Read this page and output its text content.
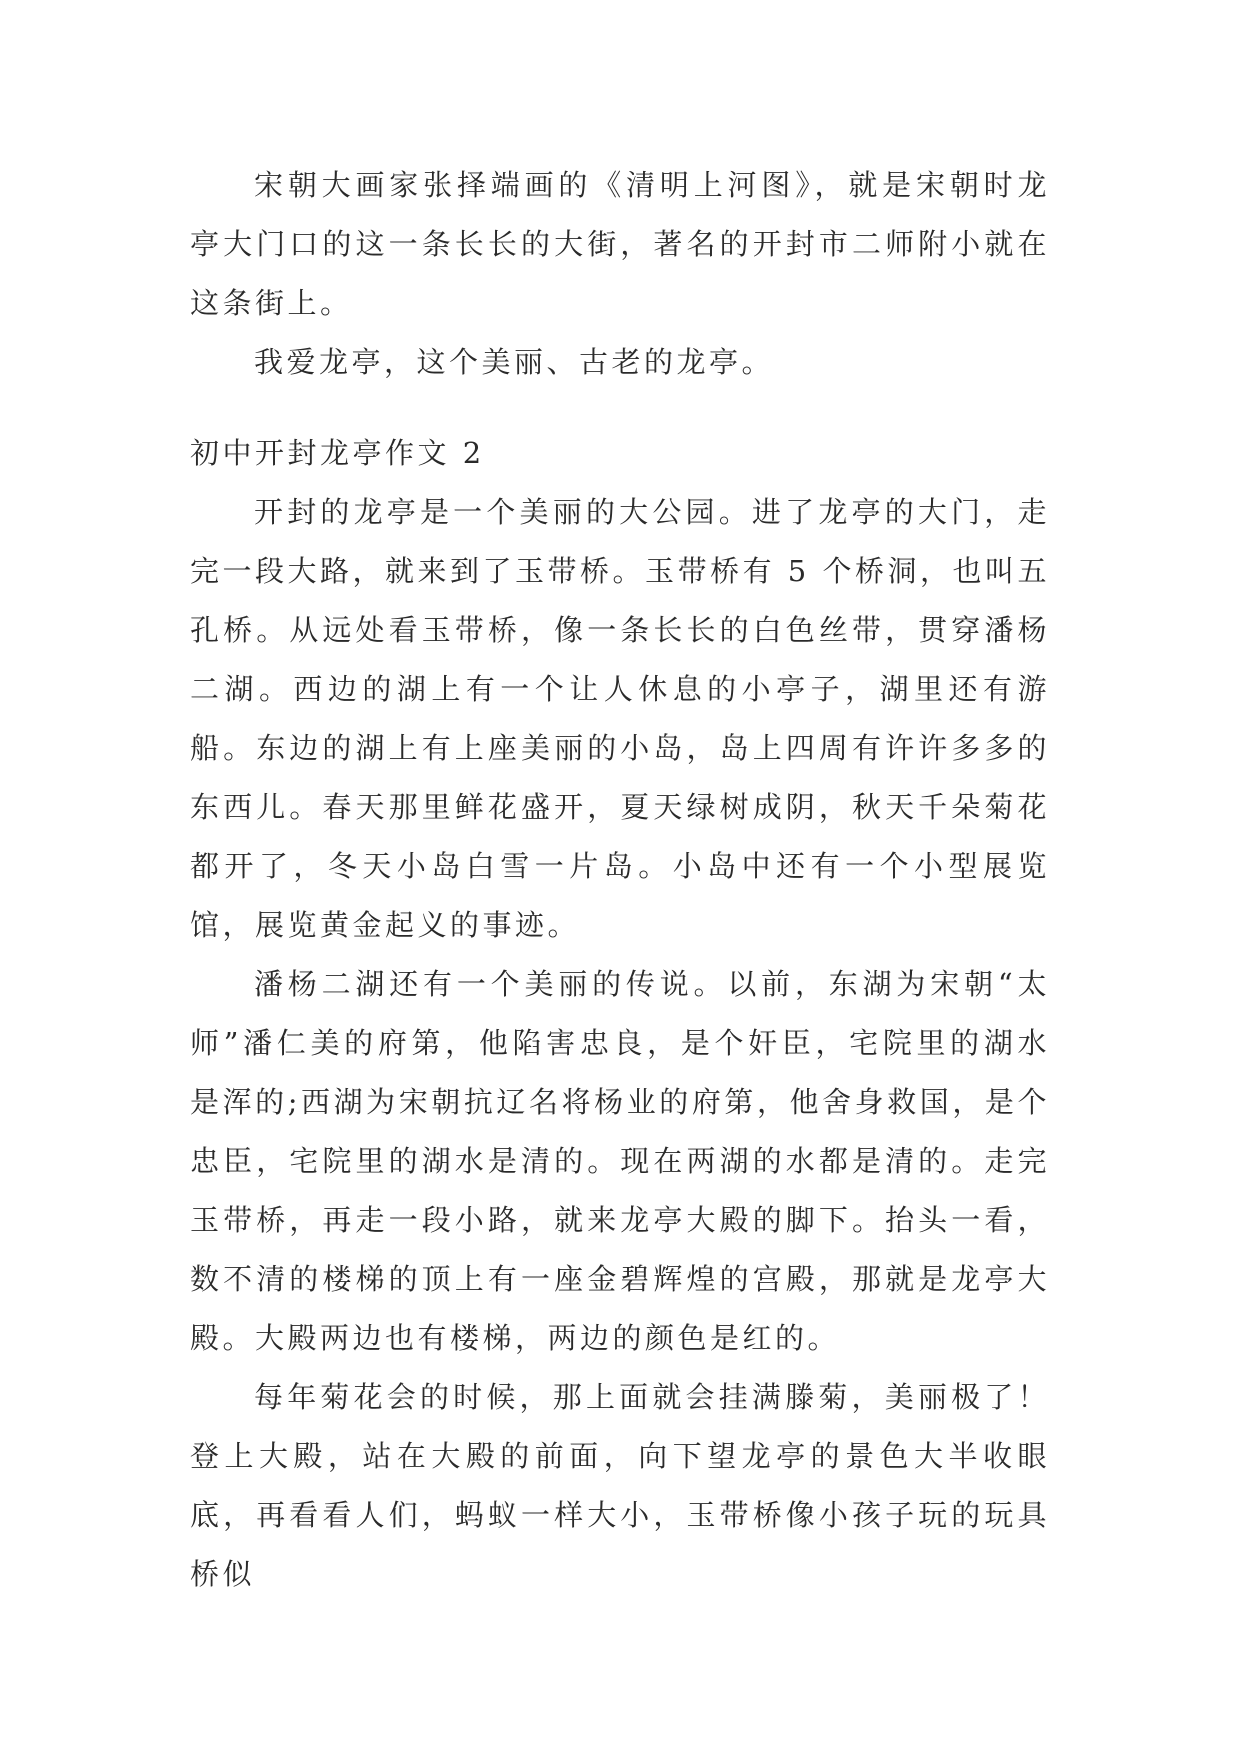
宋朝大画家张择端画的《清明上河图》，就是宋朝时龙亭大门口的这一条长长的大街，著名的开封市二师附小就在这条街上。

我爱龙亭，这个美丽、古老的龙亭。

初中开封龙亭作文 2

开封的龙亭是一个美丽的大公园。进了龙亭的大门，走完一段大路，就来到了玉带桥。玉带桥有 5 个桥洞，也叫五孔桥。从远处看玉带桥，像一条长长的白色丝带，贯穿潘杨二湖。西边的湖上有一个让人休息的小亭子，湖里还有游船。东边的湖上有上座美丽的小岛，岛上四周有许许多多的东西儿。春天那里鲜花盛开，夏天绿树成阴，秋天千朵菊花都开了，冬天小岛白雪一片岛。小岛中还有一个小型展览馆，展览黄金起义的事迹。

潘杨二湖还有一个美丽的传说。以前，东湖为宋朝“太师”潘仁美的府第，他陷害忠良，是个奸臣，宅院里的湖水是浑的;西湖为宋朝抗辽名将杨业的府第，他舍身救国，是个忠臣，宅院里的湖水是清的。现在两湖的水都是清的。走完玉带桥，再走一段小路，就来龙亭大殿的脚下。抬头一看，数不清的楼梯的顶上有一座金碧辉煌的宫殿，那就是龙亭大殿。大殿两边也有楼梯，两边的颜色是红的。

每年菊花会的时候，那上面就会挂满滕菊，美丽极了！登上大殿，站在大殿的前面，向下望龙亭的景色大半收眼底，再看看人们，蚂蚁一样大小，玉带桥像小孩子玩的玩具桥似
